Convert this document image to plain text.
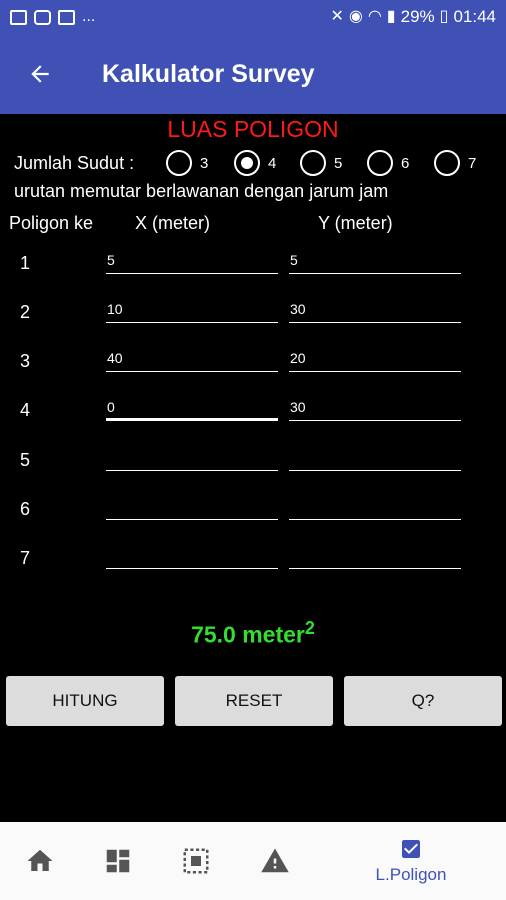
...	✕ ◉ ◠ ▮ 29% ▯ 01:44
Kalkulator Survey
LUAS POLIGON
Jumlah Sudut :	3	4	5	6	7
urutan memutar berlawanan dengan jarum jam
Poligon ke X (meter)	Y (meter)
1	5	5
2	10	30
3	40	20
4	0	30
5
6
7
75.0 meter$^2$
HITUNG	RESET	Q?
L.Poligon
